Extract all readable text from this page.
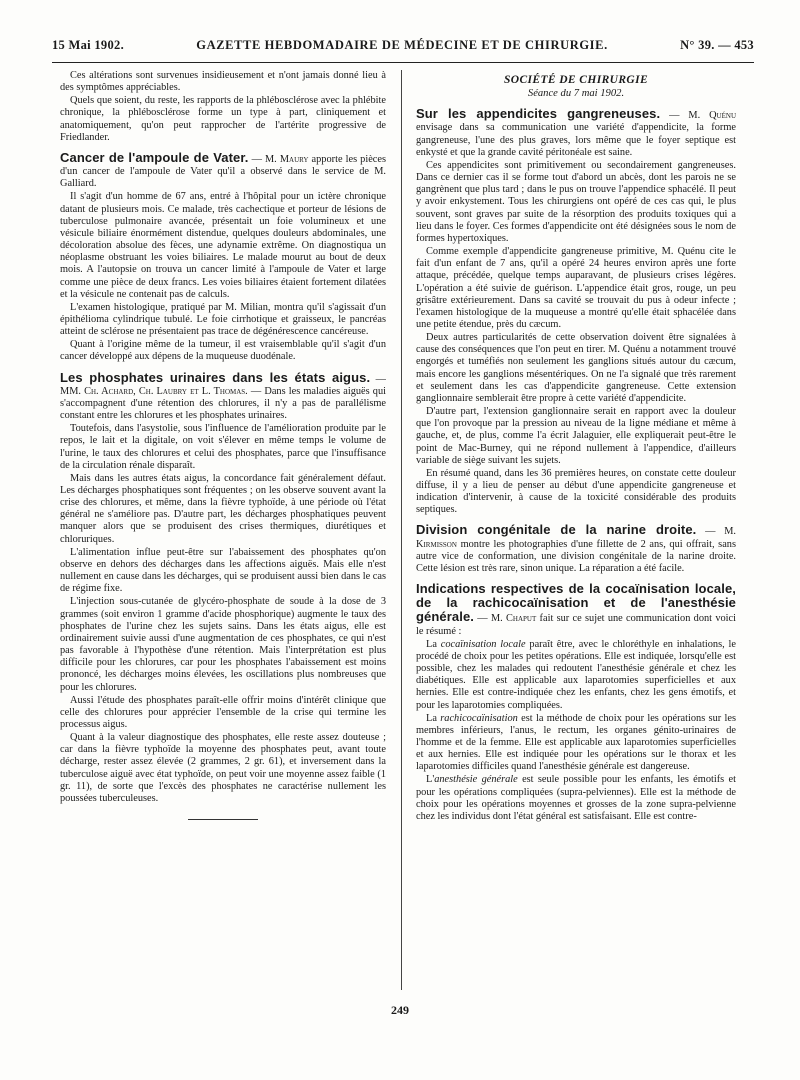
15 Mai 1902.	GAZETTE HEBDOMADAIRE DE MÉDECINE ET DE CHIRURGIE.	N° 39. — 453

Ces altérations sont survenues insidieusement et n'ont jamais donné lieu à des symptômes appréciables.

Quels que soient, du reste, les rapports de la phlébosclérose avec la phlébite chronique, la phlébosclérose forme un type à part, cliniquement et anatomiquement, qu'on peut rapprocher de l'artérite progressive de Friedlander.

Cancer de l'ampoule de Vater. — M. Maury apporte les pièces d'un cancer de l'ampoule de Vater qu'il a observé dans le service de M. Galliard.

Il s'agit d'un homme de 67 ans, entré à l'hôpital pour un ictère chronique datant de plusieurs mois. Ce malade, très cachectique et porteur de lésions de tuberculose pulmonaire avancée, présentait un foie volumineux et une vésicule biliaire énormément distendue, quelques douleurs abdominales, une décoloration absolue des fèces, une adynamie extrême. On diagnostiqua un néoplasme obstruant les voies biliaires. Le malade mourut au bout de deux mois. A l'autopsie on trouva un cancer limité à l'ampoule de Vater et large comme une pièce de deux francs. Les voies biliaires étaient fortement dilatées et la vésicule ne contenait pas de calculs.

L'examen histologique, pratiqué par M. Milian, montra qu'il s'agissait d'un épithélioma cylindrique tubulé. Le foie cirrhotique et graisseux, le pancréas atteint de sclérose ne présentaient pas trace de dégénérescence cancéreuse.

Quant à l'origine même de la tumeur, il est vraisemblable qu'il s'agit d'un cancer développé aux dépens de la muqueuse duodénale.

Les phosphates urinaires dans les états aigus. — MM. Ch. Achard, Ch. Laubry et L. Thomas. — Dans les maladies aiguës qui s'accompagnent d'une rétention des chlorures, il n'y a pas de parallélisme constant entre les chlorures et les phosphates urinaires.

Toutefois, dans l'asystolie, sous l'influence de l'amélioration produite par le repos, le lait et la digitale, on voit s'élever en même temps le volume de l'urine, le taux des chlorures et celui des phosphates, parce que l'insuffisance de la circulation rénale disparaît.

Mais dans les autres états aigus, la concordance fait généralement défaut. Les décharges phosphatiques sont fréquentes ; on les observe souvent avant la crise des chlorures, et même, dans la fièvre typhoïde, à une période où l'état général ne s'améliore pas. D'autre part, les décharges phosphatiques peuvent manquer alors que se produisent des crises thermiques, diurétiques et chloruriques.

L'alimentation influe peut-être sur l'abaissement des phosphates qu'on observe en dehors des décharges dans les affections aiguës. Mais elle n'est nullement en cause dans les décharges, qui se produisent aussi bien dans le cas de régime fixe.

L'injection sous-cutanée de glycéro-phosphate de soude à la dose de 3 grammes (soit environ 1 gramme d'acide phosphorique) augmente le taux des phosphates de l'urine chez les sujets sains. Dans les états aigus, elle est ordinairement suivie aussi d'une augmentation de ces phosphates, ce qui n'est pas favorable à l'hypothèse d'une rétention. Mais l'interprétation est plus difficile pour les chlorures, car pour les phosphates l'abaissement est moins prononcé, les décharges moins élevées, les oscillations plus nombreuses que pour les chlorures.

Aussi l'étude des phosphates paraît-elle offrir moins d'intérêt clinique que celle des chlorures pour apprécier l'ensemble de la crise qui termine les processus aigus.

Quant à la valeur diagnostique des phosphates, elle reste assez douteuse ; car dans la fièvre typhoïde la moyenne des phosphates peut, avant toute décharge, rester assez élevée (2 grammes, 2 gr. 61), et inversement dans la tuberculose aiguë avec état typhoïde, on peut voir une moyenne assez faible (1 gr. 11), de sorte que l'excès des phosphates ne caractérise nullement les poussées tuberculeuses.

SOCIÉTÉ DE CHIRURGIE
Séance du 7 mai 1902.

Sur les appendicites gangreneuses. — M. Quénu envisage dans sa communication une variété d'appendicite, la forme gangreneuse, l'une des plus graves, lors même que le foyer septique est enkysté et que la grande cavité péritonéale est saine.

Ces appendicites sont primitivement ou secondairement gangreneuses. Dans ce dernier cas il se forme tout d'abord un abcès, dont les parois ne se gangrènent que plus tard ; dans le pus on trouve l'appendice sphacélé. Il peut y avoir enkystement. Tous les chirurgiens ont opéré de ces cas qui, le plus souvent, sont graves par suite de la résorption des produits toxiques qui a lieu dans le foyer. Ces formes d'appendicite ont été désignées sous le nom de formes hypertoxiques.

Comme exemple d'appendicite gangreneuse primitive, M. Quénu cite le fait d'un enfant de 7 ans, qu'il a opéré 24 heures environ après une forte attaque, précédée, quelque temps auparavant, de plusieurs crises légères. L'opération a été suivie de guérison. L'appendice était gros, rouge, un peu grisâtre extérieurement. Dans sa cavité se trouvait du pus à odeur infecte ; l'examen histologique de la muqueuse a montré qu'elle était sphacélée dans une petite étendue, près du cæcum.

Deux autres particularités de cette observation doivent être signalées à cause des conséquences que l'on peut en tirer. M. Quénu a notamment trouvé engorgés et tuméfiés non seulement les ganglions situés autour du cæcum, mais encore les ganglions mésentériques. On ne l'a signalé que très rarement et seulement dans les cas d'appendicite gangreneuse. Cette extension ganglionnaire semblerait être propre à cette variété d'appendicite.

D'autre part, l'extension ganglionnaire serait en rapport avec la douleur que l'on provoque par la pression au niveau de la ligne médiane et même à gauche, et, de plus, comme l'a écrit Jalaguier, elle expliquerait peut-être le point de Mac-Burney, qui ne répond nullement à l'appendice, d'ailleurs variable de siège suivant les sujets.

En résumé quand, dans les 36 premières heures, on constate cette douleur diffuse, il y a lieu de penser au début d'une appendicite gangreneuse et indication d'intervenir, à cause de la toxicité considérable des produits septiques.

Division congénitale de la narine droite. — M. Kirmisson montre les photographies d'une fillette de 2 ans, qui offrait, sans autre vice de conformation, une division congénitale de la narine droite. Cette lésion est très rare, sinon unique. La réparation a été facile.

Indications respectives de la cocaïnisation locale, de la rachicocaïnisation et de l'anesthésie générale. — M. Chaput fait sur ce sujet une communication dont voici le résumé :

La cocaïnisation locale paraît être, avec le chloréthyle en inhalations, le procédé de choix pour les petites opérations. Elle est indiquée, lorsqu'elle est possible, chez les malades qui redoutent l'anesthésie générale et chez les diabétiques. Elle est applicable aux laparotomies superficielles et aux hernies. Elle est contre-indiquée chez les enfants, chez les gens émotifs, et pour les laparotomies compliquées.

La rachicocaïnisation est la méthode de choix pour les opérations sur les membres inférieurs, l'anus, le rectum, les organes génito-urinaires de l'homme et de la femme. Elle est applicable aux laparotomies superficielles et aux hernies. Elle est indiquée pour les opérations sur le thorax et les laparotomies difficiles quand l'anesthésie générale est dangereuse.

L'anesthésie générale est seule possible pour les enfants, les émotifs et pour les opérations compliquées (supra-pelviennes). Elle est la méthode de choix pour les opérations moyennes et grosses de la zone supra-pelvienne chez les individus dont l'état général est satisfaisant. Elle est contre-

249
